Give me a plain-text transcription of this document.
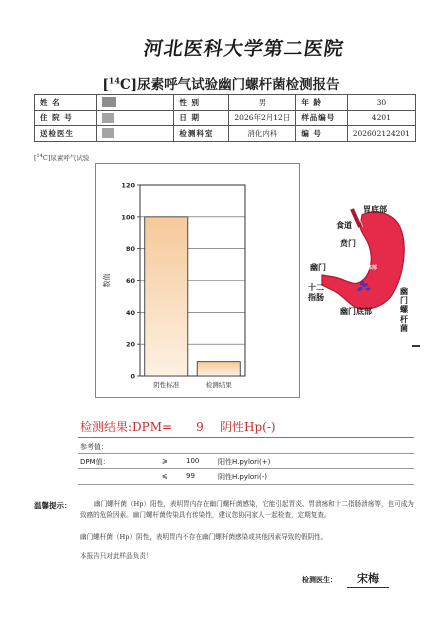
河北医科大学第二医院
[$^{14}$C]尿素呼气试验幽门螺杆菌检测报告
姓 名		性 别	男	年 龄	30
住 院 号		日 期	2026年2月12日	样品编号	4201
送检医生		检测科室	消化内科	编 号	202602124201
[$^{14}$C]尿素呼气试验
0
20
40
60
80
100
120
阴性标准	检测结果
数值
胃底部
食道
贲门
幽门
十二指肠
幽门底部
幽门螺杆菌
胃体部
检测结果:DPM=	9	阴性Hp(-)
参考值：
DPM值：	⩾	100	阳性H.pylori(+)
⩽	99	阴性H.pylori(-)
温馨提示：	幽门螺杆菌（Hp）阳性，表明胃内存在幽门螺杆菌感染，它能引起胃炎、胃溃疡和十二指肠溃疡等，也可成为致癌的危险因素。幽门螺杆菌传染具有传染性，建议您协同家人一起检查，定期复查。
幽门螺杆菌（Hp）阴性，表明胃内不存在幽门螺杆菌感染或其他因素导致的假阴性。
本报告只对此样品负责！
检测医生：	宋梅
